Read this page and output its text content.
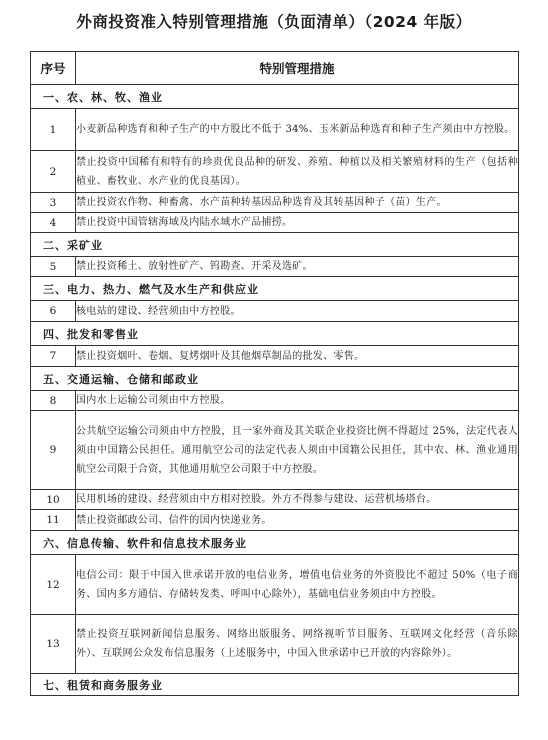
外商投资准入特别管理措施（负面清单）（2024 年版）
序号	特别管理措施
一、农、林、牧、渔业	
1	小麦新品种选育和种子生产的中方股比不低于 34%、玉米新品种选育和种子生产须由中方控股。
2	禁止投资中国稀有和特有的珍贵优良品种的研发、养殖、种植以及相关繁殖材料的生产（包括种植业、畜牧业、水产业的优良基因）。
3	禁止投资农作物、种畜禽、水产苗种转基因品种选育及其转基因种子（苗）生产。
4	禁止投资中国管辖海域及内陆水域水产品捕捞。
二、采矿业	
5	禁止投资稀土、放射性矿产、钨勘查、开采及选矿。
三、电力、热力、燃气及水生产和供应业	
6	核电站的建设、经营须由中方控股。
四、批发和零售业	
7	禁止投资烟叶、卷烟、复烤烟叶及其他烟草制品的批发、零售。
五、交通运输、仓储和邮政业	
8	国内水上运输公司须由中方控股。
9	公共航空运输公司须由中方控股，且一家外商及其关联企业投资比例不得超过 25%，法定代表人须由中国籍公民担任。通用航空公司的法定代表人须由中国籍公民担任，其中农、林、渔业通用航空公司限于合资，其他通用航空公司限于中方控股。
10	民用机场的建设、经营须由中方相对控股。外方不得参与建设、运营机场塔台。
11	禁止投资邮政公司、信件的国内快递业务。
六、信息传输、软件和信息技术服务业	
12	电信公司：限于中国入世承诺开放的电信业务，增值电信业务的外资股比不超过 50%（电子商务、国内多方通信、存储转发类、呼叫中心除外），基础电信业务须由中方控股。
13	禁止投资互联网新闻信息服务、网络出版服务、网络视听节目服务、互联网文化经营（音乐除外）、互联网公众发布信息服务（上述服务中，中国入世承诺中已开放的内容除外）。
七、租赁和商务服务业	
